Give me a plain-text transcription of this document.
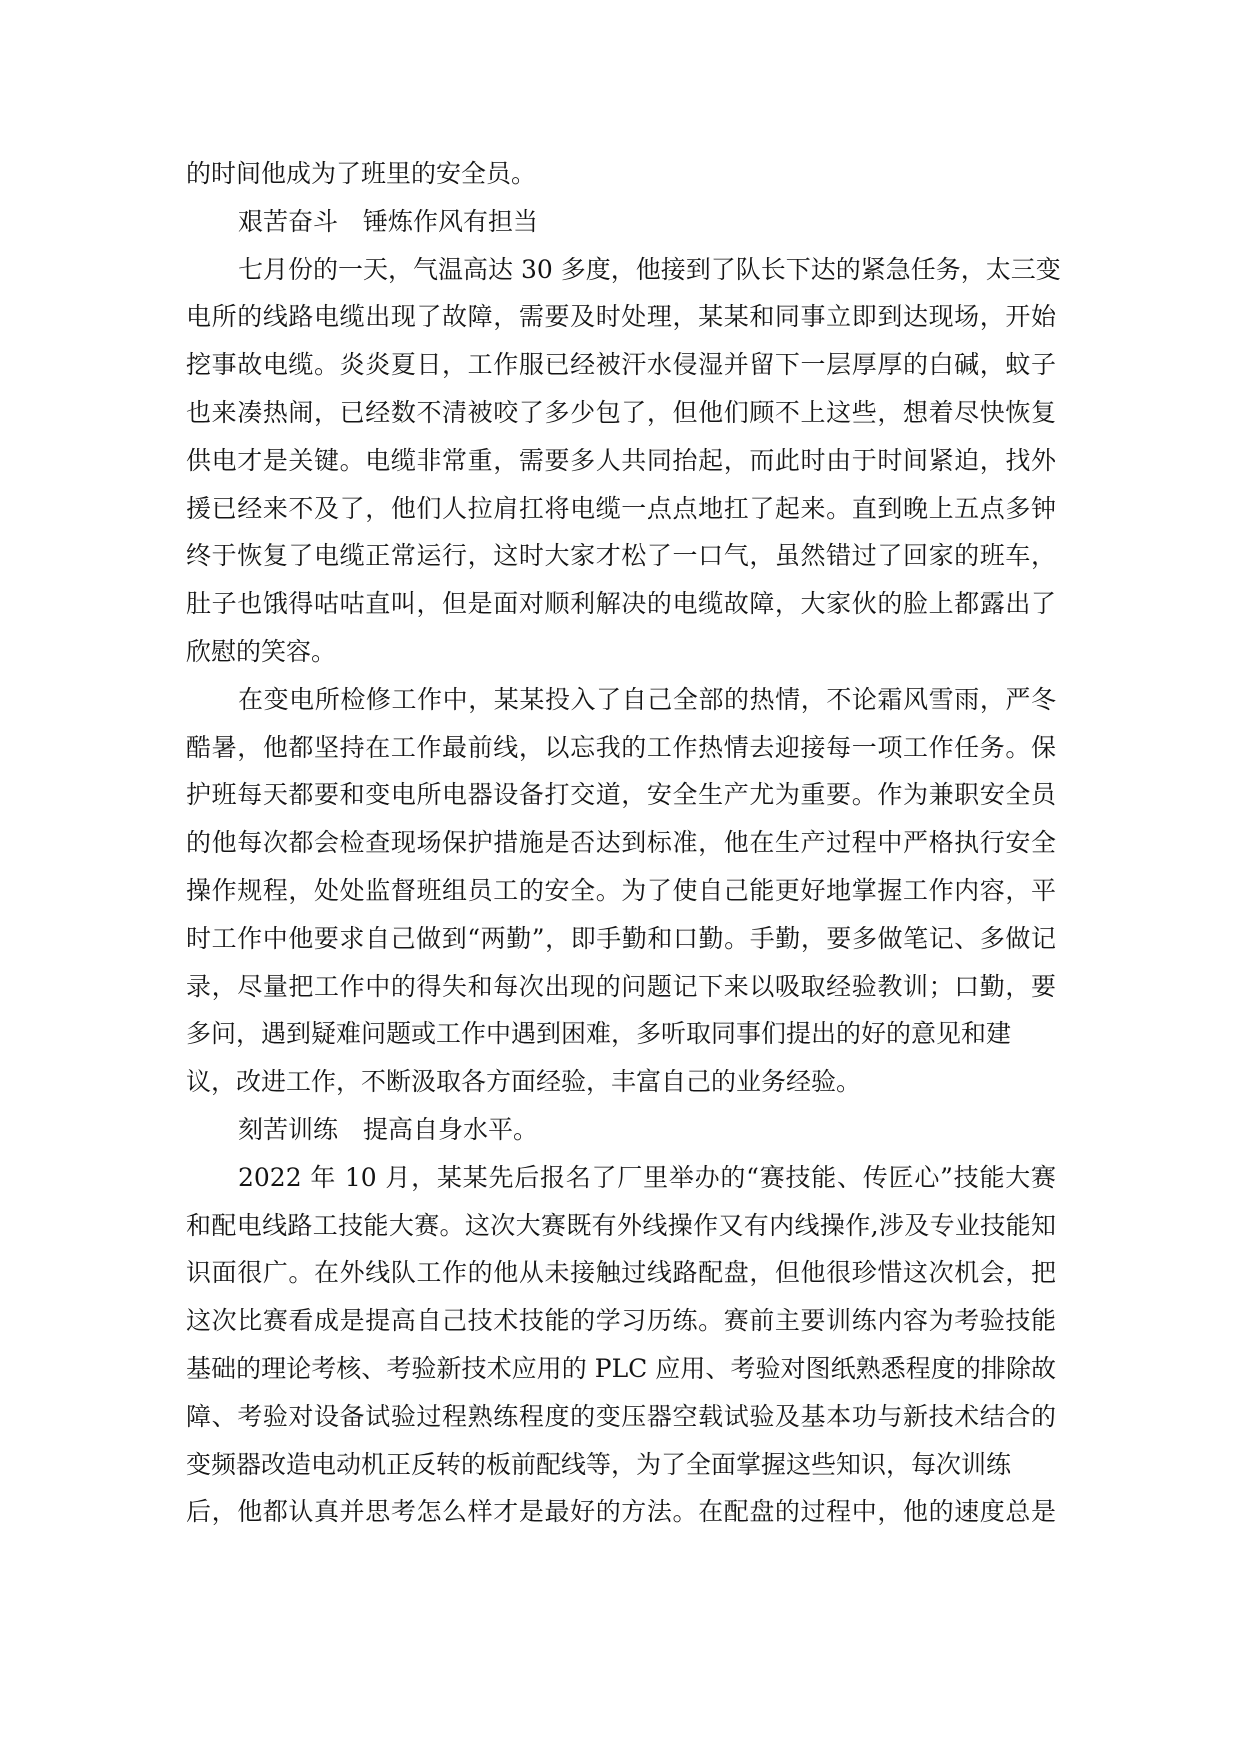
的时间他成为了班里的安全员。
艰苦奋斗 锤炼作风有担当
七月份的一天，气温高达 30 多度，他接到了队长下达的紧急任务，太三变
电所的线路电缆出现了故障，需要及时处理，某某和同事立即到达现场，开始
挖事故电缆。炎炎夏日，工作服已经被汗水侵湿并留下一层厚厚的白碱，蚊子
也来凑热闹，已经数不清被咬了多少包了，但他们顾不上这些，想着尽快恢复
供电才是关键。电缆非常重，需要多人共同抬起，而此时由于时间紧迫，找外
援已经来不及了，他们人拉肩扛将电缆一点点地扛了起来。直到晚上五点多钟
终于恢复了电缆正常运行，这时大家才松了一口气，虽然错过了回家的班车，
肚子也饿得咕咕直叫，但是面对顺利解决的电缆故障，大家伙的脸上都露出了
欣慰的笑容。
在变电所检修工作中，某某投入了自己全部的热情，不论霜风雪雨，严冬
酷暑，他都坚持在工作最前线，以忘我的工作热情去迎接每一项工作任务。保
护班每天都要和变电所电器设备打交道，安全生产尤为重要。作为兼职安全员
的他每次都会检查现场保护措施是否达到标准，他在生产过程中严格执行安全
操作规程，处处监督班组员工的安全。为了使自己能更好地掌握工作内容，平
时工作中他要求自己做到“两勤”，即手勤和口勤。手勤，要多做笔记、多做记
录，尽量把工作中的得失和每次出现的问题记下来以吸取经验教训；口勤，要
多问，遇到疑难问题或工作中遇到困难，多听取同事们提出的好的意见和建
议，改进工作，不断汲取各方面经验，丰富自己的业务经验。
刻苦训练 提高自身水平。
2022 年 10 月，某某先后报名了厂里举办的“赛技能、传匠心”技能大赛
和配电线路工技能大赛。这次大赛既有外线操作又有内线操作,涉及专业技能知
识面很广。在外线队工作的他从未接触过线路配盘，但他很珍惜这次机会，把
这次比赛看成是提高自己技术技能的学习历练。赛前主要训练内容为考验技能
基础的理论考核、考验新技术应用的 PLC 应用、考验对图纸熟悉程度的排除故
障、考验对设备试验过程熟练程度的变压器空载试验及基本功与新技术结合的
变频器改造电动机正反转的板前配线等，为了全面掌握这些知识，每次训练
后，他都认真并思考怎么样才是最好的方法。在配盘的过程中，他的速度总是
